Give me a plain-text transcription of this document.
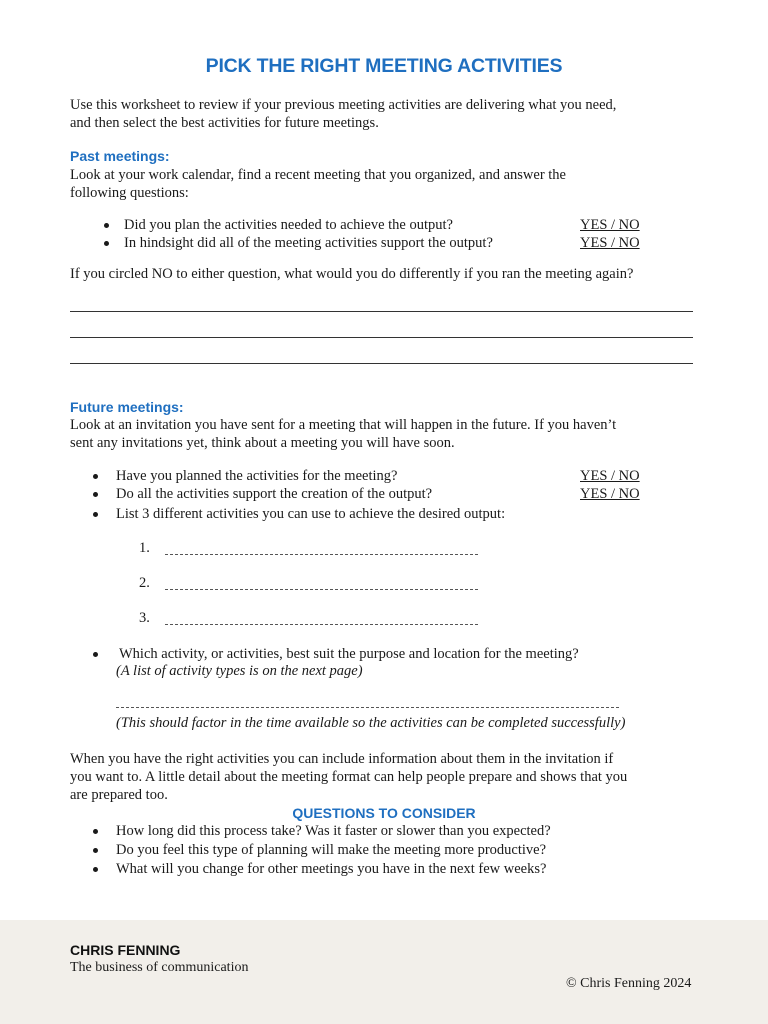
PICK THE RIGHT MEETING ACTIVITIES
Use this worksheet to review if your previous meeting activities are delivering what you need,
and then select the best activities for future meetings.
Past meetings:
Look at your work calendar, find a recent meeting that you organized, and answer the
following questions:
Did you plan the activities needed to achieve the output?	YES / NO
In hindsight did all of the meeting activities support the output?	YES / NO
If you circled NO to either question, what would you do differently if you ran the meeting again?
Future meetings:
Look at an invitation you have sent for a meeting that will happen in the future. If you haven’t
sent any invitations yet, think about a meeting you will have soon.
Have you planned the activities for the meeting?	YES / NO
Do all the activities support the creation of the output?	YES / NO
List 3 different activities you can use to achieve the desired output:
1.
2.
3.
Which activity, or activities, best suit the purpose and location for the meeting?
(A list of activity types is on the next page)
(This should factor in the time available so the activities can be completed successfully)
When you have the right activities you can include information about them in the invitation if
you want to. A little detail about the meeting format can help people prepare and shows that you
are prepared too.
QUESTIONS TO CONSIDER
How long did this process take? Was it faster or slower than you expected?
Do you feel this type of planning will make the meeting more productive?
What will you change for other meetings you have in the next few weeks?
CHRIS FENNING
The business of communication
© Chris Fenning 2024
